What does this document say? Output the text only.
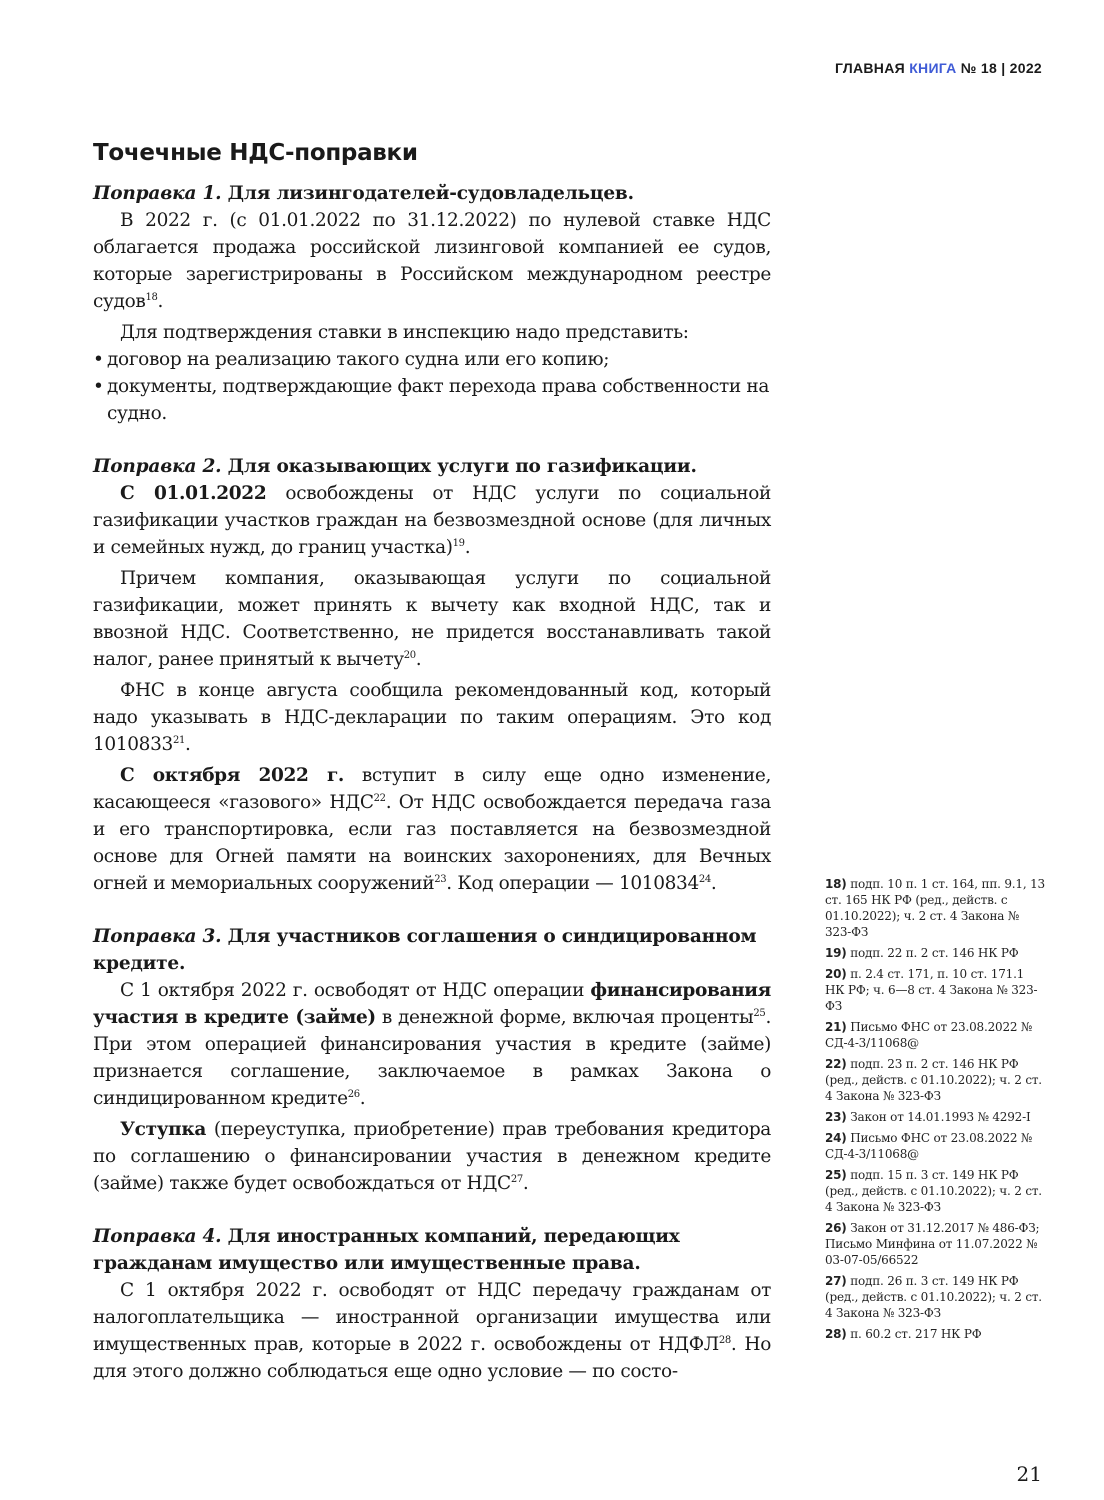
ГЛАВНАЯ КНИГА № 18 | 2022
Точечные НДС-поправки
Поправка 1. Для лизингодателей-судовладельцев.

В 2022 г. (с 01.01.2022 по 31.12.2022) по нулевой ставке НДС облагается продажа российской лизинговой компанией ее судов, которые зарегистрированы в Российском международном реестре судов$^{18}$.

Для подтверждения ставки в инспекцию надо представить:

• договор на реализацию такого судна или его копию;
• документы, подтверждающие факт перехода права собственности на судно.
Поправка 2. Для оказывающих услуги по газификации.

С 01.01.2022 освобождены от НДС услуги по социальной газификации участков граждан на безвозмездной основе (для личных и семейных нужд, до границ участка)$^{19}$.

Причем компания, оказывающая услуги по социальной газификации, может принять к вычету как входной НДС, так и ввозной НДС. Соответственно, не придется восстанавливать такой налог, ранее принятый к вычету$^{20}$.

ФНС в конце августа сообщила рекомендованный код, который надо указывать в НДС-декларации по таким операциям. Это код 1010833$^{21}$.

С октября 2022 г. вступит в силу еще одно изменение, касающееся «газового» НДС$^{22}$. От НДС освобождается передача газа и его транспортировка, если газ поставляется на безвозмездной основе для Огней памяти на воинских захоронениях, для Вечных огней и мемориальных сооружений$^{23}$. Код операции — 1010834$^{24}$.

Поправка 3. Для участников соглашения о синдицированном кредите.

С 1 октября 2022 г. освободят от НДС операции финансирования участия в кредите (займе) в денежной форме, включая проценты$^{25}$. При этом операцией финансирования участия в кредите (займе) признается соглашение, заключаемое в рамках Закона о синдицированном кредите$^{26}$.

Уступка (переуступка, приобретение) прав требования кредитора по соглашению о финансировании участия в денежном кредите (займе) также будет освобождаться от НДС$^{27}$.

Поправка 4. Для иностранных компаний, передающих гражданам имущество или имущественные права.

С 1 октября 2022 г. освободят от НДС передачу гражданам от налогоплательщика — иностранной организации имущества или имущественных прав, которые в 2022 г. освобождены от НДФЛ$^{28}$. Но для этого должно соблюдаться еще одно условие — по состо-

18) подп. 10 п. 1 ст. 164, пп. 9.1, 13 ст. 165 НК РФ (ред., действ. с 01.10.2022); ч. 2 ст. 4 Закона № 323-ФЗ
19) подп. 22 п. 2 ст. 146 НК РФ
20) п. 2.4 ст. 171, п. 10 ст. 171.1 НК РФ; ч. 6—8 ст. 4 Закона № 323-ФЗ
21) Письмо ФНС от 23.08.2022 № СД-4-3/11068@
22) подп. 23 п. 2 ст. 146 НК РФ (ред., действ. с 01.10.2022); ч. 2 ст. 4 Закона № 323-ФЗ
23) Закон от 14.01.1993 № 4292-I
24) Письмо ФНС от 23.08.2022 № СД-4-3/11068@
25) подп. 15 п. 3 ст. 149 НК РФ (ред., действ. с 01.10.2022); ч. 2 ст. 4 Закона № 323-ФЗ
26) Закон от 31.12.2017 № 486-ФЗ; Письмо Минфина от 11.07.2022 № 03-07-05/66522
27) подп. 26 п. 3 ст. 149 НК РФ (ред., действ. с 01.10.2022); ч. 2 ст. 4 Закона № 323-ФЗ
28) п. 60.2 ст. 217 НК РФ
21
